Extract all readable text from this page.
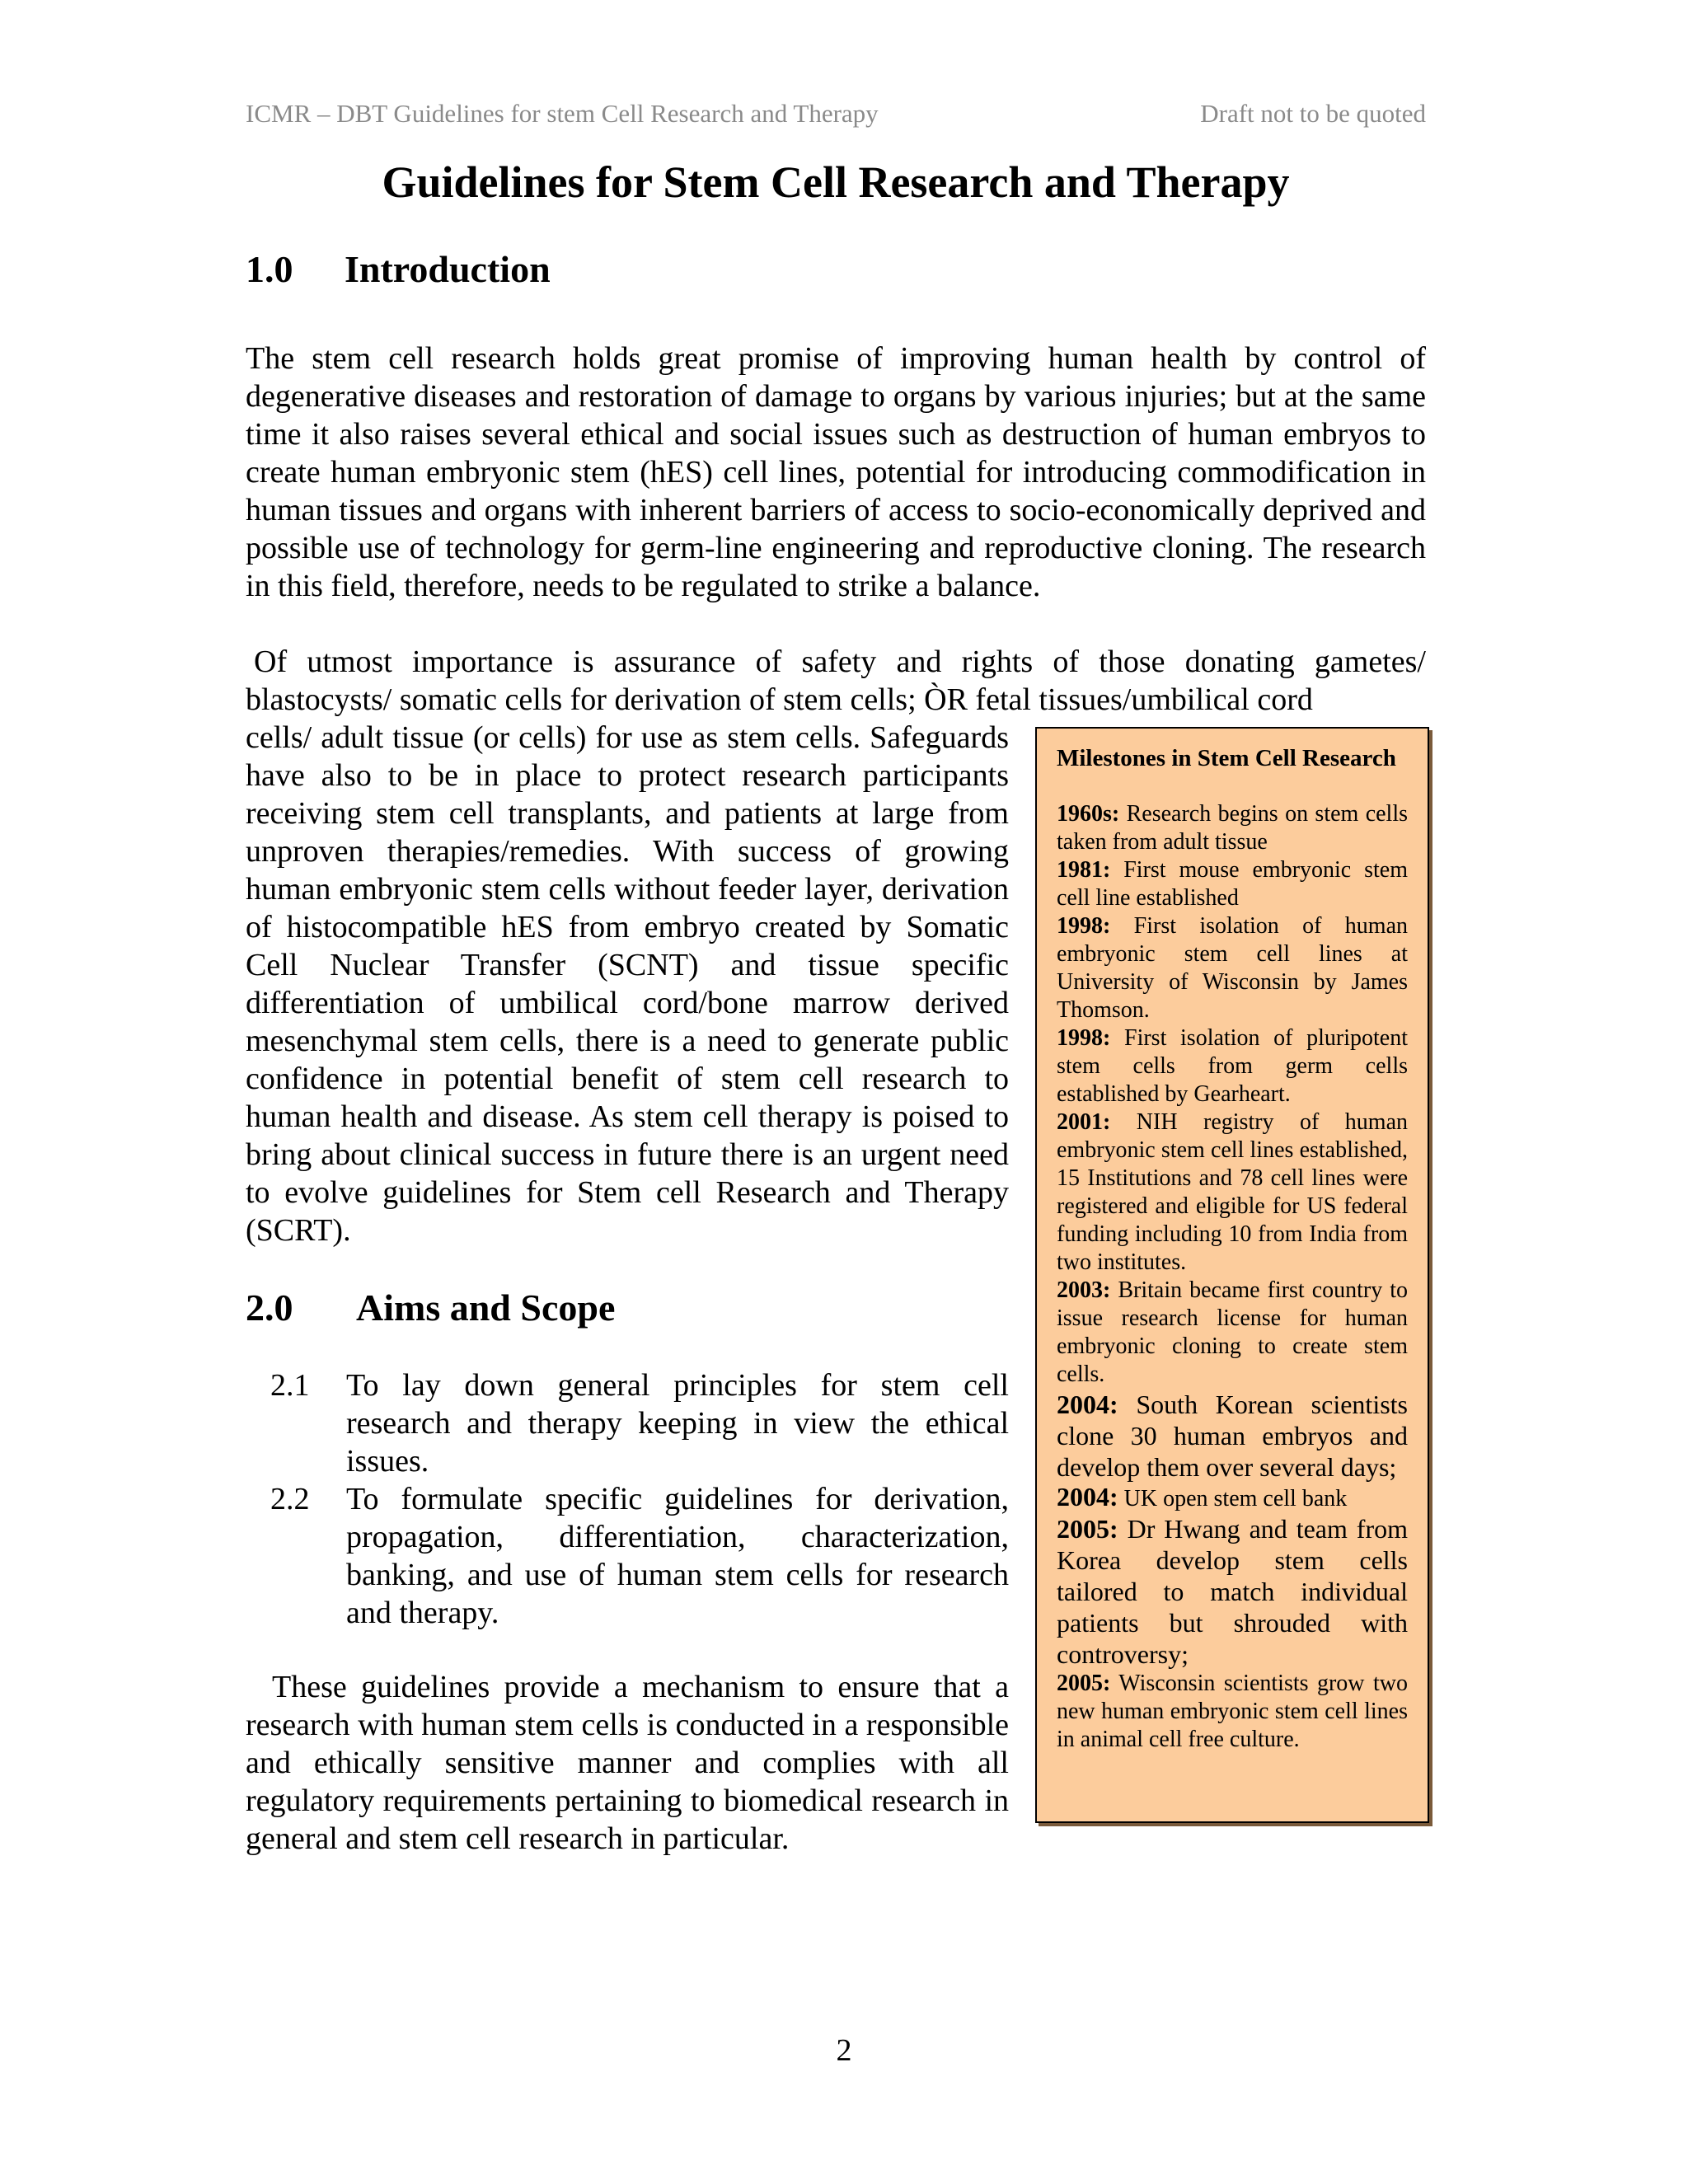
ICMR – DBT Guidelines for stem Cell Research and Therapy	Draft not to be quoted
Guidelines for Stem Cell Research and Therapy
1.0 Introduction

The stem cell research holds great promise of improving human health by control of degenerative diseases and restoration of damage to organs by various injuries; but at the same time it also raises several ethical and social issues such as destruction of human embryos to create human embryonic stem (hES) cell lines, potential for introducing commodification in human tissues and organs with inherent barriers of access to socio-economically deprived and possible use of technology for germ-line engineering and reproductive cloning. The research in this field, therefore, needs to be regulated to strike a balance.

Of utmost importance is assurance of safety and rights of those donating gametes/ blastocysts/ somatic cells for derivation of stem cells; ÒR fetal tissues/umbilical cord

cells/ adult tissue (or cells) for use as stem cells. Safeguards have also to be in place to protect research participants receiving stem cell transplants, and patients at large from unproven therapies/remedies. With success of growing human embryonic stem cells without feeder layer, derivation of histocompatible hES from embryo created by Somatic Cell Nuclear Transfer (SCNT) and tissue specific differentiation of umbilical cord/bone marrow derived mesenchymal stem cells, there is a need to generate public confidence in potential benefit of stem cell research to human health and disease. As stem cell therapy is poised to bring about clinical success in future there is an urgent need to evolve guidelines for Stem cell Research and Therapy (SCRT).

2.0 Aims and Scope
2.1	To lay down general principles for stem cell research and therapy keeping in view the ethical issues.
2.2	To formulate specific guidelines for derivation, propagation, differentiation, characterization, banking, and use of human stem cells for research and therapy.

These guidelines provide a mechanism to ensure that a research with human stem cells is conducted in a responsible and ethically sensitive manner and complies with all regulatory requirements pertaining to biomedical research in general and stem cell research in particular.

Milestones in Stem Cell Research

1960s: Research begins on stem cells taken from adult tissue

1981: First mouse embryonic stem cell line established

1998: First isolation of human embryonic stem cell lines at University of Wisconsin by James Thomson.

1998: First isolation of pluripotent stem cells from germ cells established by Gearheart.

2001: NIH registry of human embryonic stem cell lines established, 15 Institutions and 78 cell lines were registered and eligible for US federal funding including 10 from India from two institutes.

2003: Britain became first country to issue research license for human embryonic cloning to create stem cells.

2004: South Korean scientists clone 30 human embryos and develop them over several days;

2004: UK open stem cell bank

2005: Dr Hwang and team from Korea develop stem cells tailored to match individual patients but shrouded with controversy;

2005: Wisconsin scientists grow two new human embryonic stem cell lines in animal cell free culture.

2
